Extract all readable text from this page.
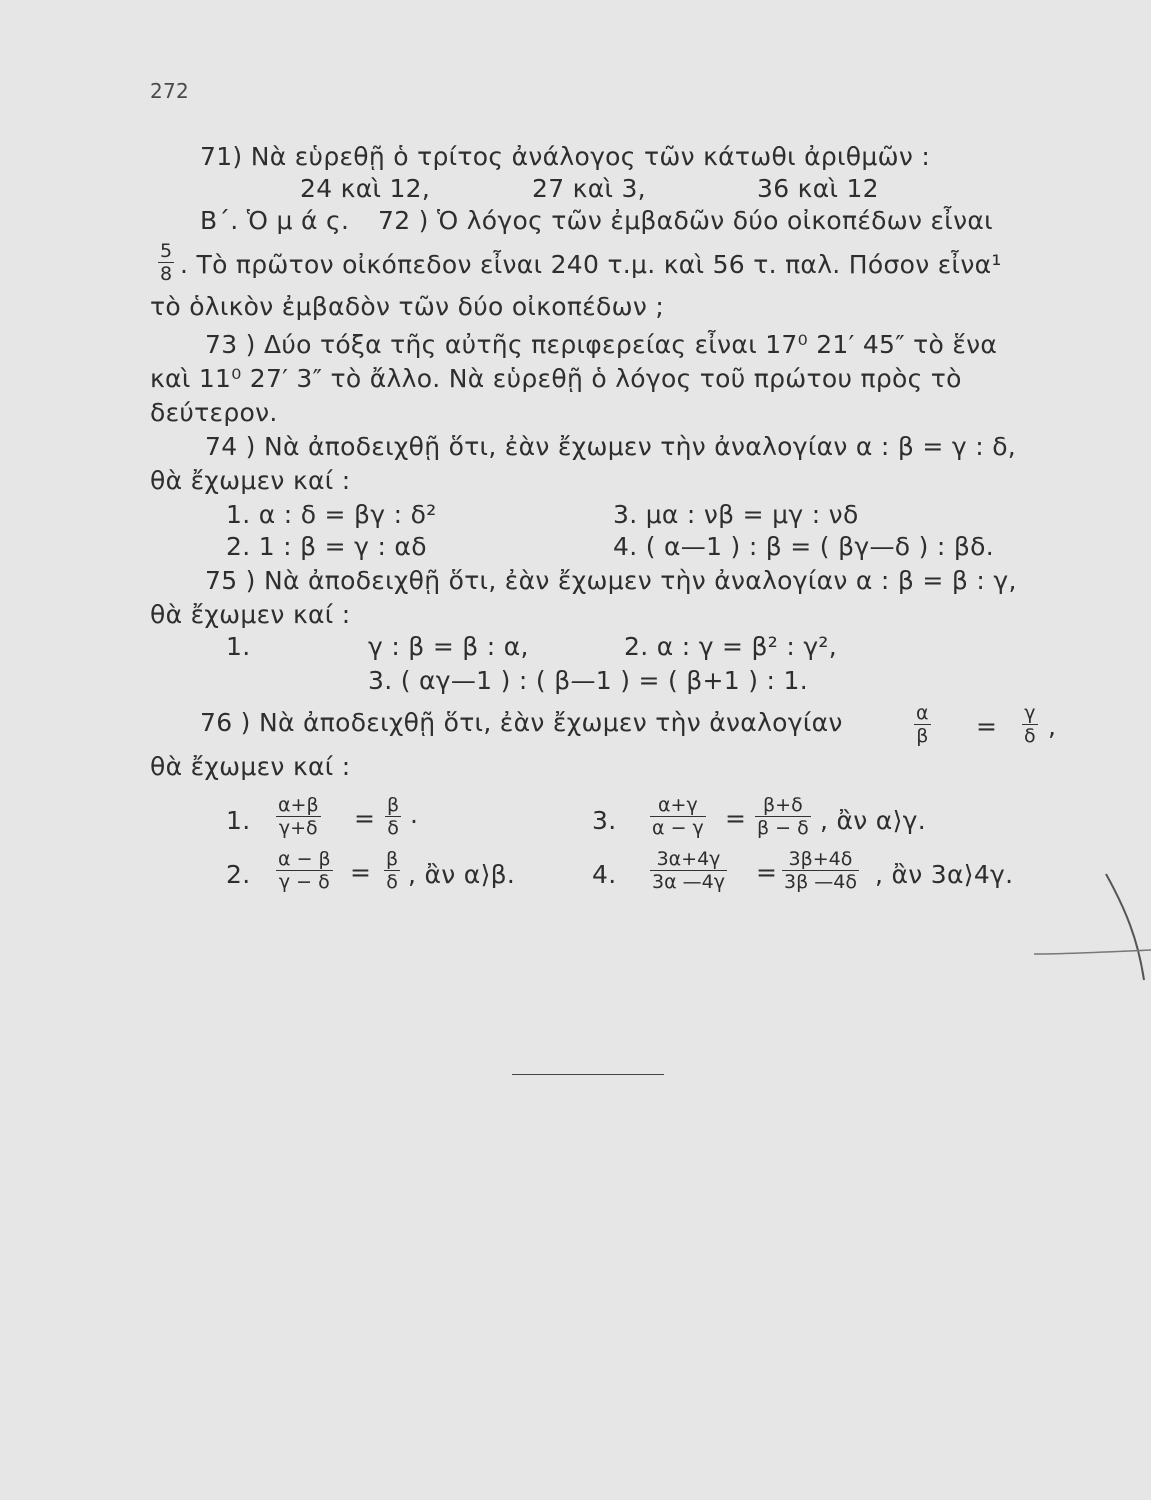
272
71) Νὰ εὑρεθῇ ὁ τρίτος ἀνάλογος τῶν κάτωθι ἀριθμῶν :
24 καὶ 12,	27 καὶ 3,	36 καὶ 12
Β΄. Ὁ μ ά ς. 72 ) Ὁ λόγος τῶν ἐμβαδῶν δύο οἰκοπέδων εἶναι
$\frac{5}{8}$ . Τὸ πρῶτον οἰκόπεδον εἶναι 240 τ.μ. καὶ 56 τ. παλ. Πόσον εἶνα¹
τὸ ὁλικὸν ἐμβαδὸν τῶν δύο οἰκοπέδων ;
73 ) Δύο τόξα τῆς αὐτῆς περιφερείας εἶναι 17⁰ 21′ 45″ τὸ ἕνα
καὶ 11⁰ 27′ 3″ τὸ ἄλλο. Νὰ εὑρεθῇ ὁ λόγος τοῦ πρώτου πρὸς τὸ
δεύτερον.
74 ) Νὰ ἀποδειχθῇ ὅτι, ἐὰν ἔχωμεν τὴν ἀναλογίαν α : β = γ : δ,
θὰ ἔχωμεν καί :
1. α : δ = βγ : δ²	3. μα : νβ = μγ : νδ
2. 1 : β = γ : αδ	4. ( α—1 ) : β = ( βγ—δ ) : βδ.
75 ) Νὰ ἀποδειχθῇ ὅτι, ἐὰν ἔχωμεν τὴν ἀναλογίαν α : β = β : γ,
θὰ ἔχωμεν καί :
1.	γ : β = β : α,	2. α : γ = β² : γ²,
3. ( αγ—1 ) : ( β—1 ) = ( β+1 ) : 1.
76 ) Νὰ ἀποδειχθῇ ὅτι, ἐὰν ἔχωμεν τὴν ἀναλογίαν	$\frac{\alpha}{\beta} = \frac{\gamma}{\delta}$ ,
θὰ ἔχωμεν καί :
1. $\frac{\alpha+\beta}{\gamma+\delta} = \frac{\beta}{\delta}$ .	3. $\frac{\alpha+\gamma}{\alpha - \gamma} = \frac{\beta+\delta}{\beta - \delta}$ , ἂν α⟩γ.
2. $\frac{\alpha - \beta}{\gamma - \delta} = \frac{\beta}{\delta}$ , ἂν α⟩β.	4. $\frac{3\alpha+4\gamma}{3\alpha —4\gamma} = \frac{3\beta+4\delta}{3\beta —4\delta}$ , ἂν 3α⟩4γ.
